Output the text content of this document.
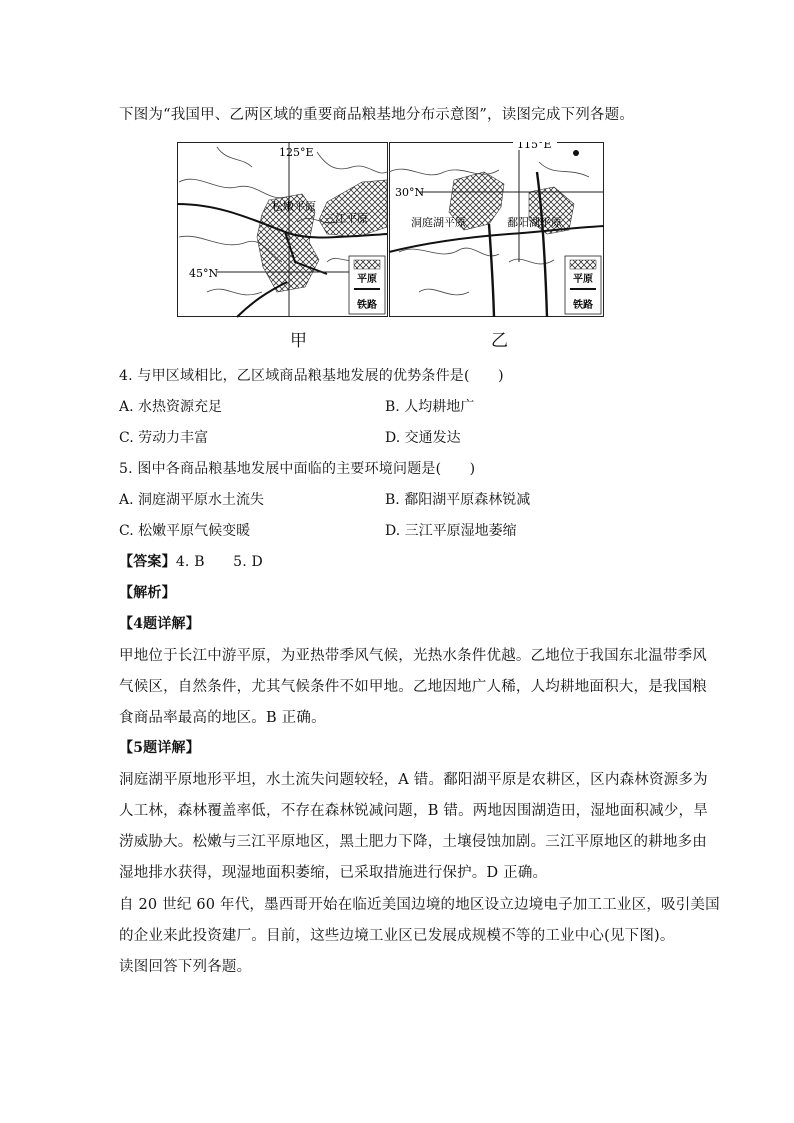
下图为“我国甲、乙两区域的重要商品粮基地分布示意图”，读图完成下列各题。
125°E
45°N
松嫩平原
三江平原
平原
铁路
115°E
30°N
洞庭湖平原	鄱阳湖平原
平原
铁路
甲	乙
4. 与甲区域相比，乙区域商品粮基地发展的优势条件是(　　)
A. 水热资源充足	B. 人均耕地广
C. 劳动力丰富	D. 交通发达
5. 图中各商品粮基地发展中面临的主要环境问题是(　　)
A. 洞庭湖平原水土流失	B. 鄱阳湖平原森林锐减
C. 松嫩平原气候变暖	D. 三江平原湿地萎缩
【答案】4. B　　5. D
【解析】
【4题详解】
甲地位于长江中游平原，为亚热带季风气候，光热水条件优越。乙地位于我国东北温带季风
气候区，自然条件，尤其气候条件不如甲地。乙地因地广人稀，人均耕地面积大，是我国粮
食商品率最高的地区。B 正确。
【5题详解】
洞庭湖平原地形平坦，水土流失问题较轻，A 错。鄱阳湖平原是农耕区，区内森林资源多为
人工林，森林覆盖率低，不存在森林锐减问题，B 错。两地因围湖造田，湿地面积减少，旱
涝威胁大。松嫩与三江平原地区，黑土肥力下降，土壤侵蚀加剧。三江平原地区的耕地多由
湿地排水获得，现湿地面积萎缩，已采取措施进行保护。D 正确。
自 20 世纪 60 年代，墨西哥开始在临近美国边境的地区设立边境电子加工工业区，吸引美国
的企业来此投资建厂。目前，这些边境工业区已发展成规模不等的工业中心(见下图)。
读图回答下列各题。
